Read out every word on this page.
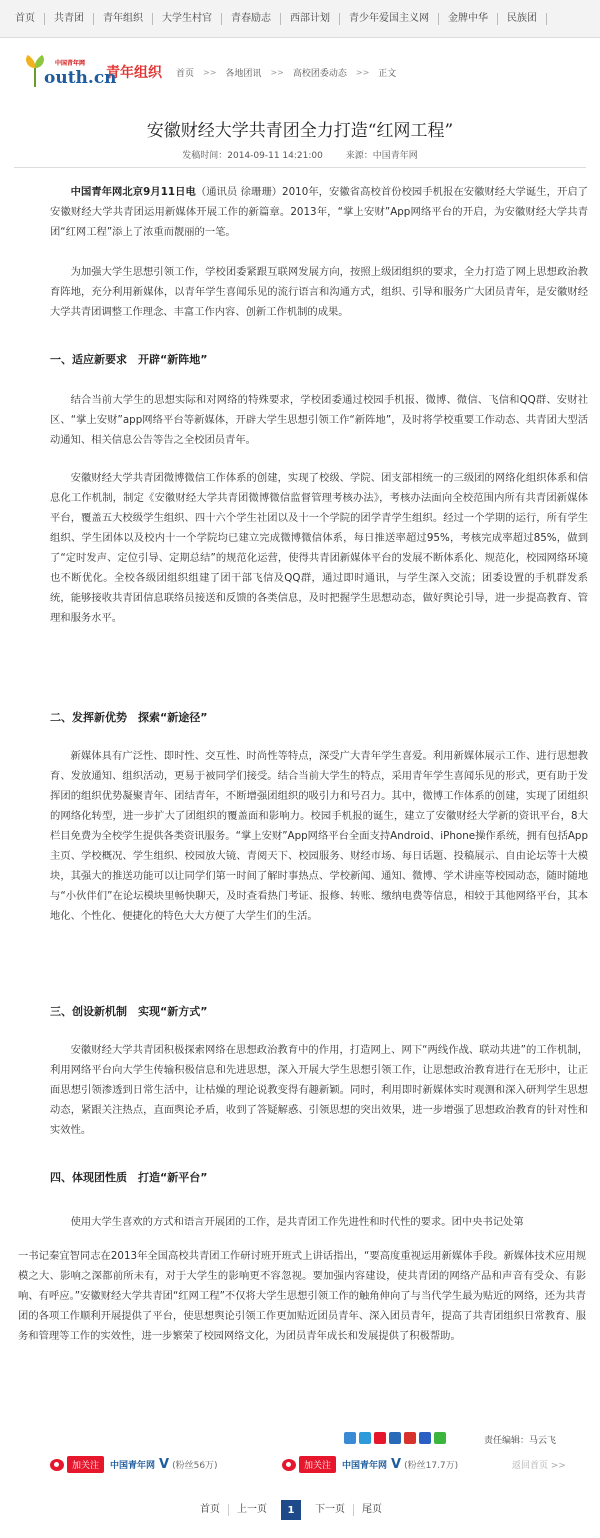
首页	共青团	青年组织	大学生村官	青春励志	西部计划	青少年爱国主义网	金牌中华	民族团
中国青年网
outh.cn
青年组织 首页 >> 各地团讯 >> 高校团委动态 >> 正文
安徽财经大学共青团全力打造“红网工程”
发稿时间：2014-09-11 14:21:00	来源：中国青年网
中国青年网北京9月11日电（通讯员 徐珊珊）2010年，安徽省高校首份校园手机报在安徽财经大学诞生，开启了安徽财经大学共青团运用新媒体开展工作的新篇章。2013年，“掌上安财”App网络平台的开启，为安徽财经大学共青团“红网工程”添上了浓重而靓丽的一笔。
为加强大学生思想引领工作，学校团委紧跟互联网发展方向，按照上级团组织的要求，全力打造了网上思想政治教育阵地，充分利用新媒体，以青年学生喜闻乐见的流行语言和沟通方式，组织、引导和服务广大团员青年，是安徽财经大学共青团调整工作理念、丰富工作内容、创新工作机制的成果。
一、适应新要求　开辟“新阵地”
结合当前大学生的思想实际和对网络的特殊要求，学校团委通过校园手机报、微博、微信、飞信和QQ群、安财社区、“掌上安财”app网络平台等新媒体，开辟大学生思想引领工作“新阵地”，及时将学校重要工作动态、共青团大型活动通知、相关信息公告等告之全校团员青年。
安徽财经大学共青团微博微信工作体系的创建，实现了校级、学院、团支部相统一的三级团的网络化组织体系和信息化工作机制，制定《安徽财经大学共青团微博微信监督管理考核办法》，考核办法面向全校范围内所有共青团新媒体平台，覆盖五大校级学生组织、四十六个学生社团以及十一个学院的团学青学生组织。经过一个学期的运行，所有学生组织、学生团体以及校内十一个学院均已建立完成微博微信体系，每日推送率超过95%，考核完成率超过85%，做到了“定时发声、定位引导、定期总结”的规范化运营，使得共青团新媒体平台的发展不断体系化、规范化，校园网络环境也不断优化。全校各级团组织组建了团干部飞信及QQ群，通过即时通讯，与学生深入交流；团委设置的手机群发系统，能够接收共青团信息联络员接送和反馈的各类信息，及时把握学生思想动态，做好舆论引导，进一步提高教育、管理和服务水平。
二、发挥新优势　探索“新途径”
新媒体具有广泛性、即时性、交互性、时尚性等特点，深受广大青年学生喜爱。利用新媒体展示工作、进行思想教育、发放通知、组织活动，更易于被同学们接受。结合当前大学生的特点，采用青年学生喜闻乐见的形式，更有助于发挥团的组织优势凝聚青年、团结青年，不断增强团组织的吸引力和号召力。其中，微博工作体系的创建，实现了团组织的网络化转型，进一步扩大了团组织的覆盖面和影响力。校园手机报的诞生，建立了安徽财经大学新的资讯平台，8大栏目免费为全校学生提供各类资讯服务。“掌上安财”App网络平台全面支持Android、iPhone操作系统，拥有包括App主页、学校概况、学生组织、校园放大镜、青阅天下、校园服务、财经市场、每日话题、投稿展示、自由论坛等十大模块，其强大的推送功能可以让同学们第一时间了解时事热点、学校新闻、通知、微博、学术讲座等校园动态，随时随地与“小伙伴们”在论坛模块里畅快聊天，及时查看热门考证、报修、转账、缴纳电费等信息，相较于其他网络平台，其本地化、个性化、便捷化的特色大大方便了大学生们的生活。
三、创设新机制　实现“新方式”
安徽财经大学共青团积极探索网络在思想政治教育中的作用，打造网上、网下“两线作战、联动共进”的工作机制，利用网络平台向大学生传输积极信息和先进思想，深入开展大学生思想引领工作，让思想政治教育进行在无形中，让正面思想引领渗透到日常生活中，让枯燥的理论说教变得有趣新颖。同时，利用即时新媒体实时观测和深入研判学生思想动态，紧跟关注热点，直面舆论矛盾，收到了答疑解惑、引领思想的突出效果，进一步增强了思想政治教育的针对性和实效性。
四、体现团性质　打造“新平台”
使用大学生喜欢的方式和语言开展团的工作，是共青团工作先进性和时代性的要求。团中央书记处第
一书记秦宜智同志在2013年全国高校共青团工作研讨班开班式上讲话指出，“要高度重视运用新媒体手段。新媒体技术应用规模之大、影响之深都前所未有，对于大学生的影响更不容忽视。要加强内容建设，使共青团的网络产品和声音有受众、有影响、有呼应。”安徽财经大学共青团“红网工程”不仅将大学生思想引领工作的触角伸向了与当代学生最为贴近的网络，还为共青团的各项工作顺利开展提供了平台，使思想舆论引领工作更加贴近团员青年、深入团员青年，提高了共青团组织日常教育、服务和管理等工作的实效性，进一步繁荣了校园网络文化，为团员青年成长和发展提供了积极帮助。
责任编辑：马云飞
加关注	中国青年网 V (粉丝56万)	加关注	中国青年网 V (粉丝17.7万)	返回首页 >>
首页	上一页	1	下一页	尾页
